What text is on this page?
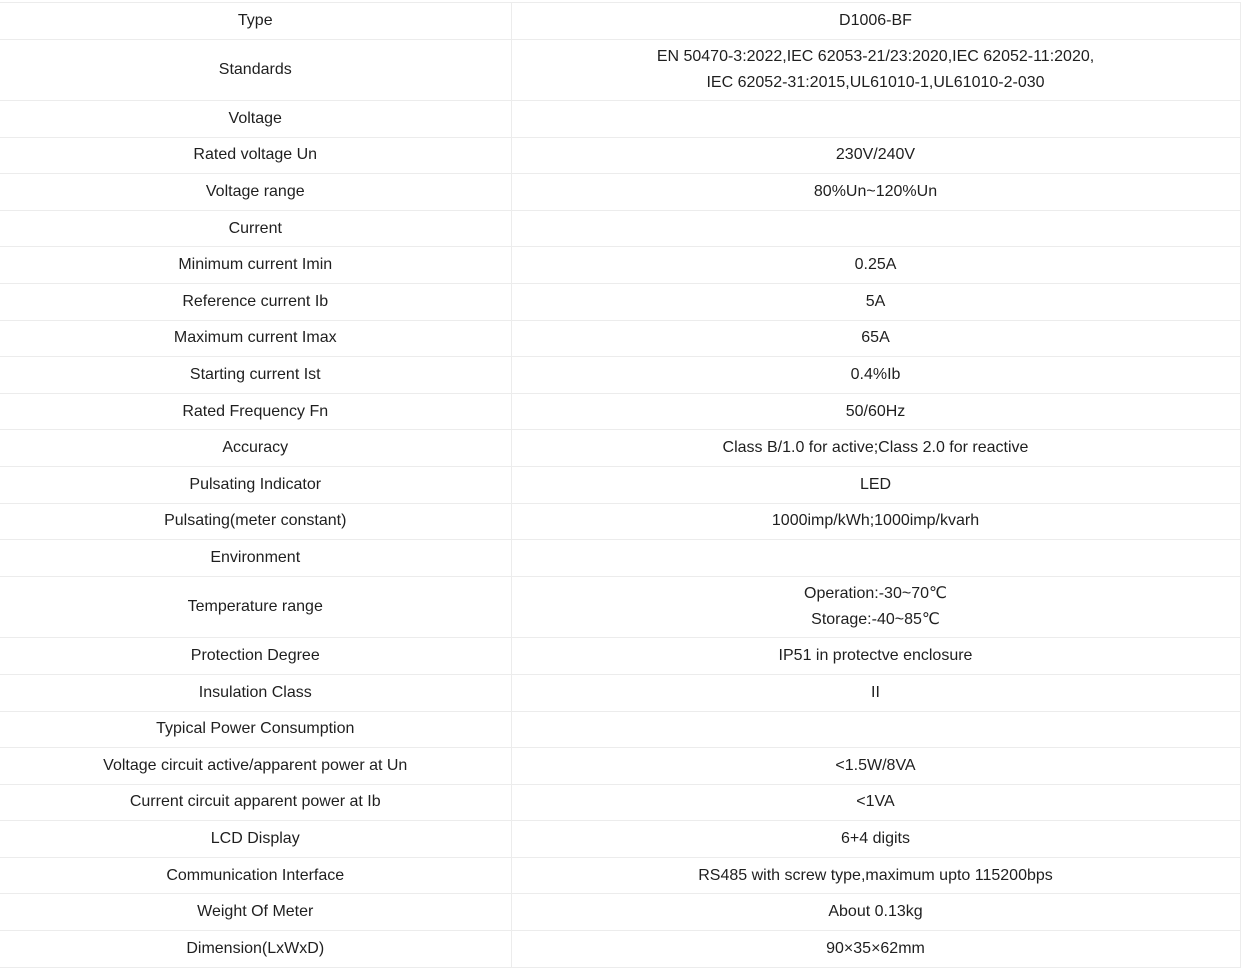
Type	D1006-BF

Standards	EN 50470-3:2022,IEC 62053-21/23:2020,IEC 62052-11:2020,
IEC 62052-31:2015,UL61010-1,UL61010-2-030

Voltage	
Rated voltage Un	230V/240V

Voltage range	80%Un~120%Un

Current	
Minimum current Imin	0.25A

Reference current Ib	5A

Maximum current Imax	65A

Starting current Ist	0.4%Ib

Rated Frequency Fn	50/60Hz

Accuracy	Class B/1.0 for active;Class 2.0 for reactive

Pulsating Indicator	LED

Pulsating(meter constant)	1000imp/kWh;1000imp/kvarh

Environment	
Temperature range	Operation:-30~70℃
Storage:-40~85℃

Protection Degree	IP51 in protectve enclosure

Insulation Class	II

Typical Power Consumption	
Voltage circuit active/apparent power at Un	<1.5W/8VA

Current circuit apparent power at Ib	<1VA

LCD Display	6+4 digits

Communication Interface	RS485 with screw type,maximum upto 115200bps

Weight Of Meter	About 0.13kg

Dimension(LxWxD)	90×35×62mm
